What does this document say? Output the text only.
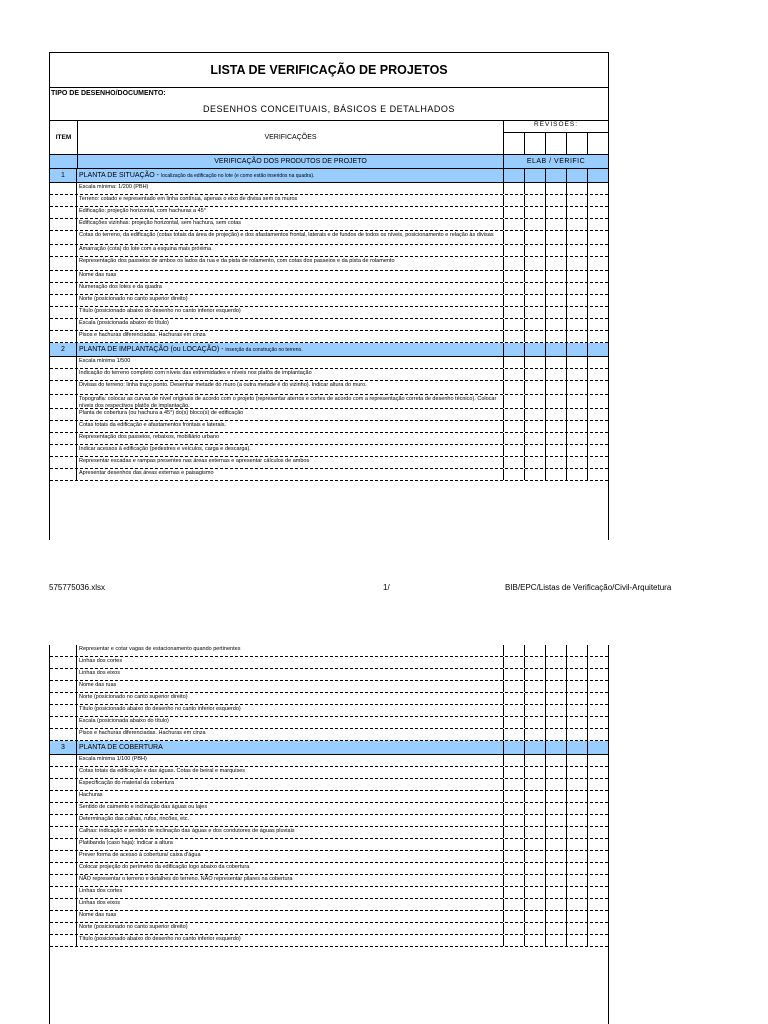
LISTA DE VERIFICAÇÃO DE PROJETOS
TIPO DE DESENHO/DOCUMENTO:
DESENHOS CONCEITUAIS, BÁSICOS E DETALHADOS
ITEM	VERIFICAÇÕES
REVISÕES:
VERIFICAÇÃO DOS PRODUTOS DE PROJETO	ELAB / VERIFIC
1	PLANTA DE SITUAÇÃO - localização da edificação no lote (e como estão inseridos na quadra).
Escala mínima: 1/200 (PBH)
Terreno: cotado e representado em linha contínua, apenas o eixo de divisa sem os muros
Edificação: projeção horizontal, com hachuras a 45°
Edificações vizinhas: projeção horizontal, sem hachura, sem cotas
Cotas do terreno, da edificação (cotas totais da área de projeção) e dos afastamentos frontal, laterais e de fundos de todos os níveis, posicionamento e relação às divisas
Amarração (cota) do lote com a esquina mais próxima
Representação dos passeios de ambos os lados da rua e da pista de rolamento, com cotas dos passeios e da pista de rolamento
Nome das ruas
Numeração dos lotes e da quadra
Norte (posicionado no canto superior direito)
Título (posicionado abaixo do desenho no canto inferior esquerdo)
Escala (posicionada abaixo do título)
Pisos e hachuras diferenciadas. Hachuras em cinza
2	PLANTA DE IMPLANTAÇÃO (ou LOCAÇÃO) - inserção da construção no terreno.
Escala mínima 1/500
Indicação do terreno completo com níveis das extremidades e níveis nos platôs de implantação
Divisas do terreno: linha traço ponto. Desenhar metade do muro (a outra metade é do vizinho). Indicar altura do muro.
Topografia: colocar as curvas de nível originais de acordo com o projeto (representar aterros e cortes de acordo com a representação correta de desenho técnico). Colocar níveis dos respectivos platôs de implantação.
Planta de cobertura (ou hachura a 45°) do(s) bloco(s) de edificação
Cotas totais da edificação e afastamentos frontais e laterais.
Representação dos passeios, rebaixos, mobiliário urbano
Indicar acessos à edificação (pedestres e veículos, carga e descarga).
Representar escadas e rampas presentes nas áreas externas e apresentar cálculos de ambos
Apresentar desenhos das áreas externas e paisagismo
575775036.xlsx	1/	BIB/EPC/Listas de Verificação/Civil-Arquitetura
Representar e cotar vagas de estacionamento quando pertinentes
Linhas dos cortes
Linhas dos eixos
Nome das ruas
Norte (posicionado no canto superior direito)
Título (posicionado abaixo do desenho no canto inferior esquerdo)
Escala (posicionada abaixo do título)
Pisos e hachuras diferenciadas. Hachuras em cinza
3	PLANTA DE COBERTURA
Escala mínima 1/100 (PBH)
Cotas totais da edificação e das águas. Cotas de beiral e marquises
Especificação do material da cobertura
Hachuras
Sentido de caimento e inclinação das águas ou lajes
Determinação das calhas, rufos, rincões, etc.
Calhas: indicação e sentido de inclinação das águas e dos condutores de águas pluviais
Platibanda (caso haja): indicar a altura
Prever forma de acesso à cobertura/ caixa d'água
Colocar projeção do perímetro da edificação logo abaixo da cobertura
NÃO representar o terreno e detalhes do terreno. NÃO representar pilares na cobertura
Linhas dos cortes
Linhas dos eixos
Nome das ruas
Norte (posicionado no canto superior direito)
Título (posicionado abaixo do desenho no canto inferior esquerdo)
